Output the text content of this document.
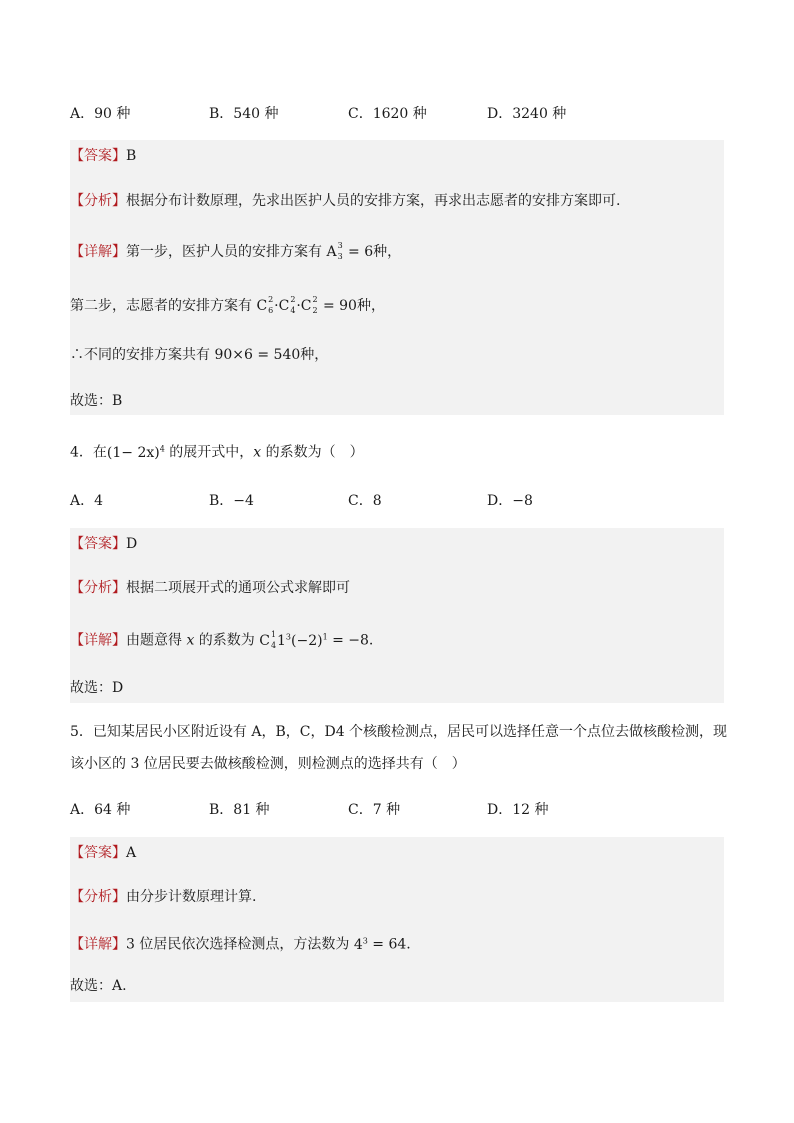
A．90 种	B．540 种	C．1620 种	D．3240 种
【答案】B
【分析】根据分布计数原理，先求出医护人员的安排方案，再求出志愿者的安排方案即可.
【详解】第一步，医护人员的安排方案有 A 3
3 = 6种，
第二步，志愿者的安排方案有 C 2
6 ·C 2
4 ·C 2
2 = 90种，
∴不同的安排方案共有 90×6 = 540种，
故选：B
4．在$(1- 2x)^4$ 的展开式中，x 的系数为（　）
A．4	B．−4	C．8	D．−8
【答案】D
【分析】根据二项展开式的通项公式求解即可
【详解】由题意得 x 的系数为 C 1
4 $1^3(-2)^1 = -8$.
故选：D
5．已知某居民小区附近设有 A，B，C，D4 个核酸检测点，居民可以选择任意一个点位去做核酸检测，现
该小区的 3 位居民要去做核酸检测，则检测点的选择共有（　）
A．64 种	B．81 种	C．7 种	D．12 种
【答案】A
【分析】由分步计数原理计算.
【详解】3 位居民依次选择检测点，方法数为 $4^3 = 64$.
故选：A.
